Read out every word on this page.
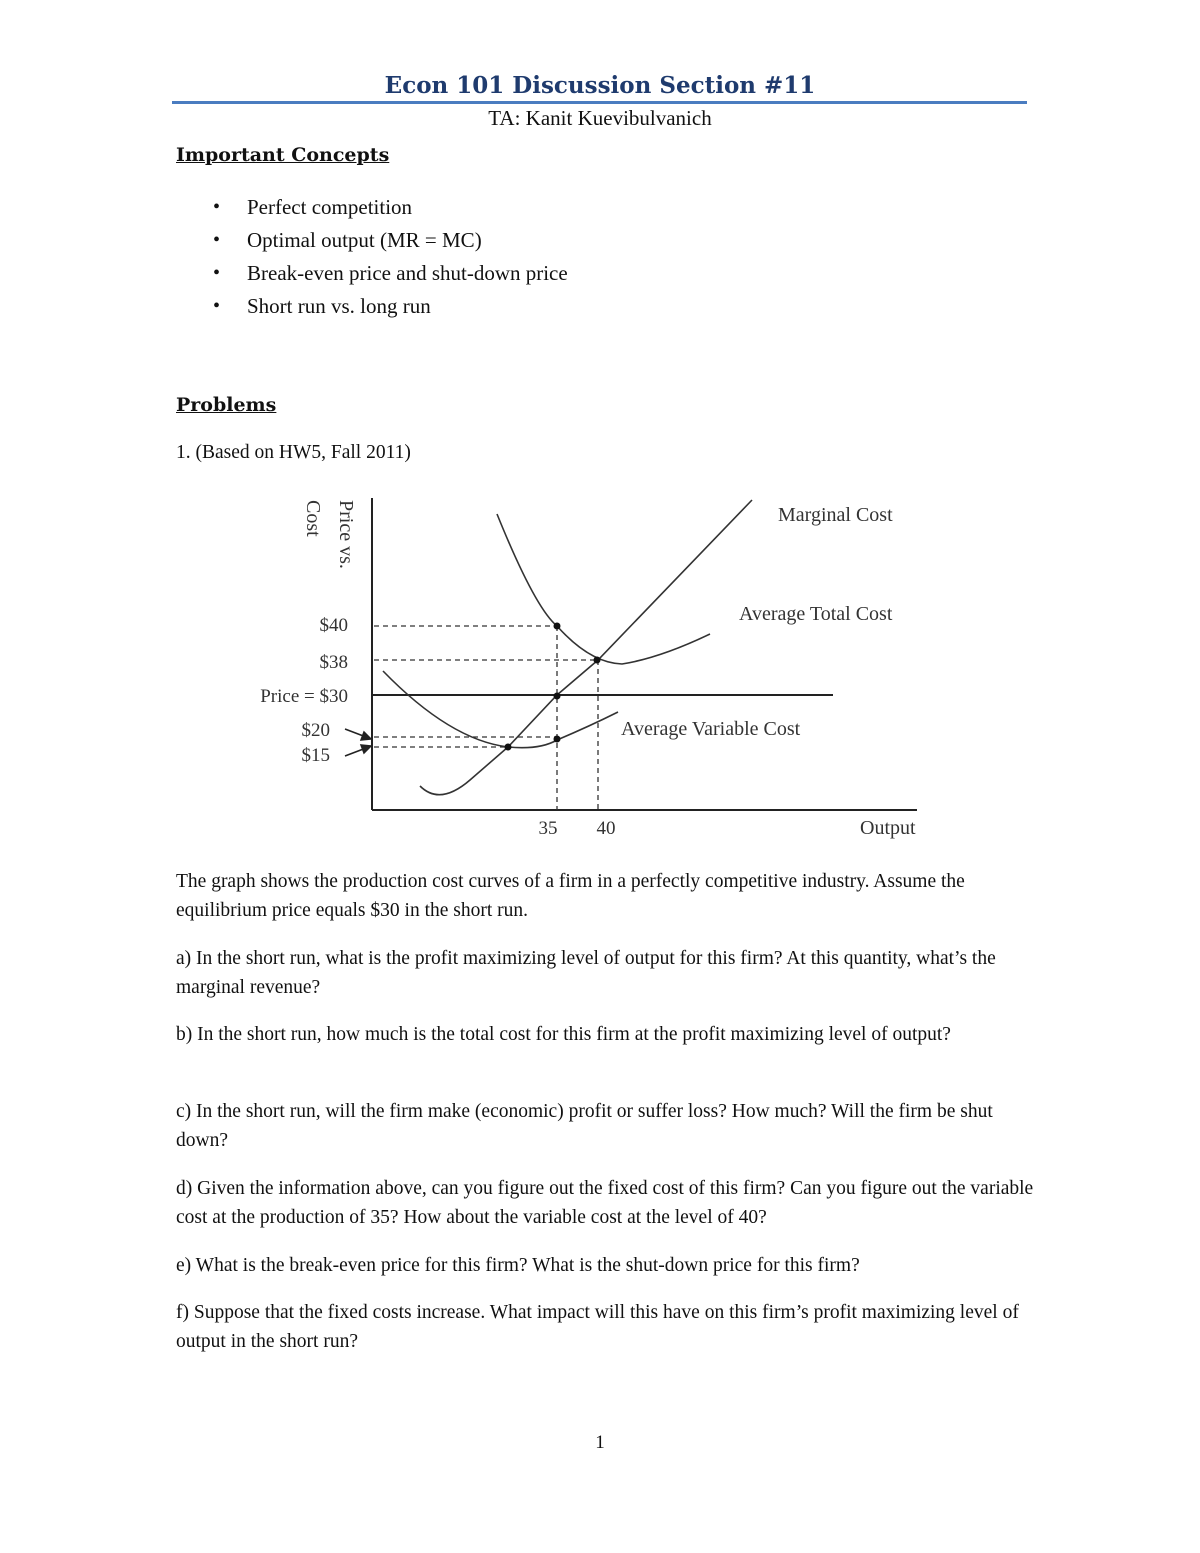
Econ 101 Discussion Section #11
TA: Kanit Kuevibulvanich
Important Concepts
• Perfect competition
• Optimal output (MR = MC)
• Break-even price and shut-down price
• Short run vs. long run
Problems
1. (Based on HW5, Fall 2011)
Price vs.
Cost
$40
$38
Price = $30
$20
$15
35 40	Output
Marginal Cost
Average Total Cost
Average Variable Cost
The graph shows the production cost curves of a firm in a perfectly competitive industry. Assume the equilibrium price equals $30 in the short run.
a) In the short run, what is the profit maximizing level of output for this firm? At this quantity, what’s the marginal revenue?
b) In the short run, how much is the total cost for this firm at the profit maximizing level of output?
c) In the short run, will the firm make (economic) profit or suffer loss? How much? Will the firm be shut down?
d) Given the information above, can you figure out the fixed cost of this firm? Can you figure out the variable cost at the production of 35? How about the variable cost at the level of 40?
e) What is the break-even price for this firm? What is the shut-down price for this firm?
f) Suppose that the fixed costs increase. What impact will this have on this firm’s profit maximizing level of output in the short run?
1
